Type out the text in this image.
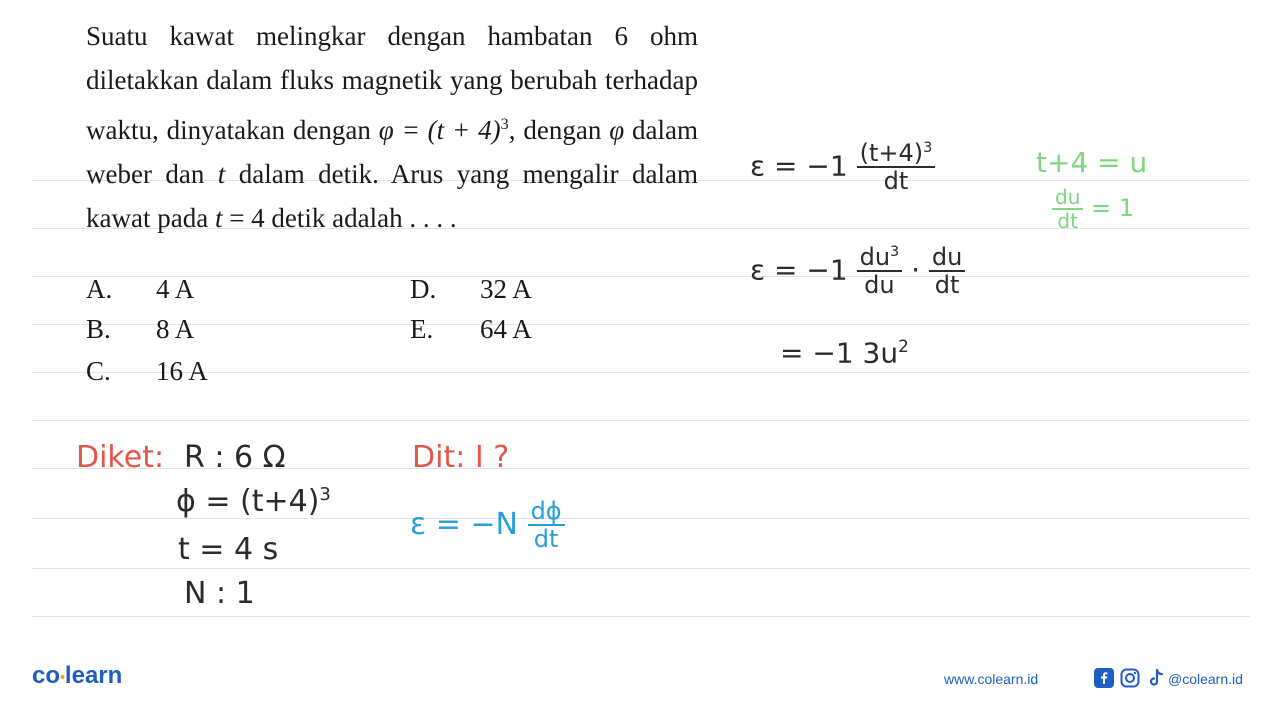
Suatu kawat melingkar dengan hambatan 6 ohm diletakkan dalam fluks magnetik yang berubah terhadap waktu, dinyatakan dengan $\varphi = (t + 4)^3$, dengan φ dalam weber dan t dalam detik. Arus yang mengalir dalam kawat pada t = 4 detik adalah . . . .
A. 4 A
B. 8 A
C. 16 A
D. 32 A
E. 64 A
Diket: R : 6 Ω
$\phi = (t+4)^3$
t = 4 s
N : 1
Dit: I ?
$\varepsilon = -N \frac{d\phi}{dt}$
$\varepsilon = -1 \frac{(t+4)^3}{dt}$
$\varepsilon = -1 \frac{du^3}{du} \cdot \frac{du}{dt}$
= −1 $3u^2$
t+4 = u
$\frac{du}{dt} = 1$
co•learn	www.colearn.id	@colearn.id
